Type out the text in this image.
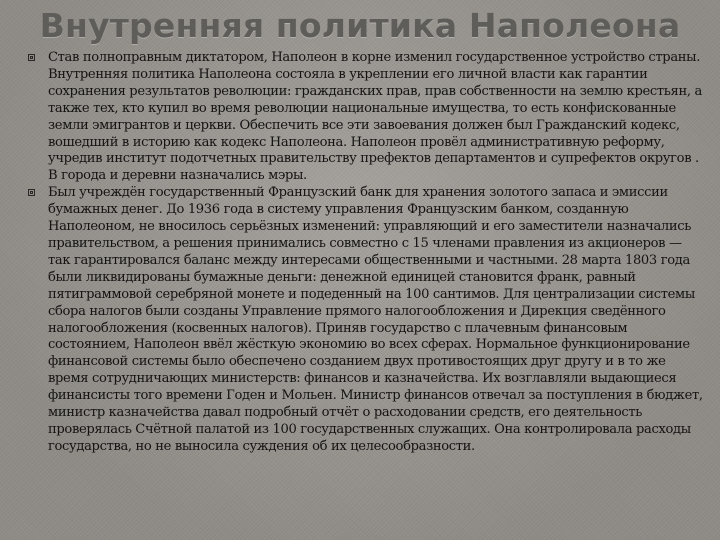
Внутренняя политика Наполеона
Став полноправным диктатором, Наполеон в корне изменил государственное устройство страны. Внутренняя политика Наполеона состояла в укреплении его личной власти как гарантии сохранения результатов революции: гражданских прав, прав собственности на землю крестьян, а также тех, кто купил во время революции национальные имущества, то есть конфискованные земли эмигрантов и церкви. Обеспечить все эти завоевания должен был Гражданский кодекс, вошедший в историю как кодекс Наполеона. Наполеон провёл административную реформу, учредив институт подотчетных правительству префектов департаментов и супрефектов округов . В города и деревни назначались мэры.
Был учреждён государственный Французский банк для хранения золотого запаса и эмиссии бумажных денег. До 1936 года в систему управления Французским банком, созданную Наполеоном, не вносилось серьёзных изменений: управляющий и его заместители назначались правительством, а решения принимались совместно с 15 членами правления из акционеров — так гарантировался баланс между интересами общественными и частными. 28 марта 1803 года были ликвидированы бумажные деньги: денежной единицей становится франк, равный пятиграммовой серебряной монете и подеденный на 100 сантимов. Для централизации системы сбора налогов были созданы Управление прямого налогообложения и Дирекция сведённого налогообложения (косвенных налогов). Приняв государство с плачевным финансовым состоянием, Наполеон ввёл жёсткую экономию во всех сферах. Нормальное функционирование финансовой системы было обеспечено созданием двух противостоящих друг другу и в то же время сотрудничающих министерств: финансов и казначейства. Их возглавляли выдающиеся финансисты того времени Годен и Мольен. Министр финансов отвечал за поступления в бюджет, министр казначейства давал подробный отчёт о расходовании средств, его деятельность проверялась Счётной палатой из 100 государственных служащих. Она контролировала расходы государства, но не выносила суждения об их целесообразности.
